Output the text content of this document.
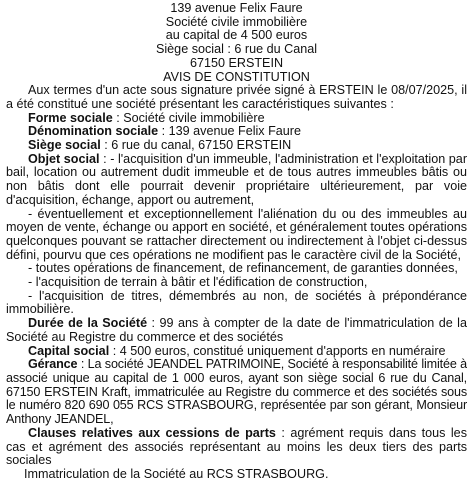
139 avenue Felix Faure
Société civile immobilière
au capital de 4 500 euros
Siège social : 6 rue du Canal
67150 ERSTEIN
AVIS DE CONSTITUTION

Aux termes d'un acte sous signature privée signé à ERSTEIN le 08/07/2025, il a été constitué une société présentant les caractéristiques suivantes :

Forme sociale : Société civile immobilière

Dénomination sociale : 139 avenue Felix Faure

Siège social : 6 rue du canal, 67150 ERSTEIN

Objet social : - l'acquisition d'un immeuble, l'administration et l'exploitation par bail, location ou autrement dudit immeuble et de tous autres immeubles bâtis ou non bâtis dont elle pourrait devenir propriétaire ultérieurement, par voie d'acquisition, échange, apport ou autrement,

- éventuellement et exceptionnellement l'aliénation du ou des immeubles au moyen de vente, échange ou apport en société, et généralement toutes opérations quelconques pouvant se rattacher directement ou indirectement à l'objet ci-dessus défini, pourvu que ces opérations ne modifient pas le caractère civil de la Société,

- toutes opérations de financement, de refinancement, de garanties données,

- l'acquisition de terrain à bâtir et l'édification de construction,

- l'acquisition de titres, démembrés au non, de sociétés à prépondérance immobilière.

Durée de la Société : 99 ans à compter de la date de l'immatriculation de la Société au Registre du commerce et des sociétés

Capital social : 4 500 euros, constitué uniquement d'apports en numéraire

Gérance : La société JEANDEL PATRIMOINE, Société à responsabilité limitée à associé unique au capital de 1 000 euros, ayant son siège social 6 rue du Canal, 67150 ERSTEIN Kraft, immatriculée au Registre du commerce et des sociétés sous le numéro 820 690 055 RCS STRASBOURG, représentée par son gérant, Monsieur Anthony JEANDEL,

Clauses relatives aux cessions de parts : agrément requis dans tous les cas et agrément des associés représentant au moins les deux tiers des parts sociales

Immatriculation de la Société au RCS STRASBOURG.
